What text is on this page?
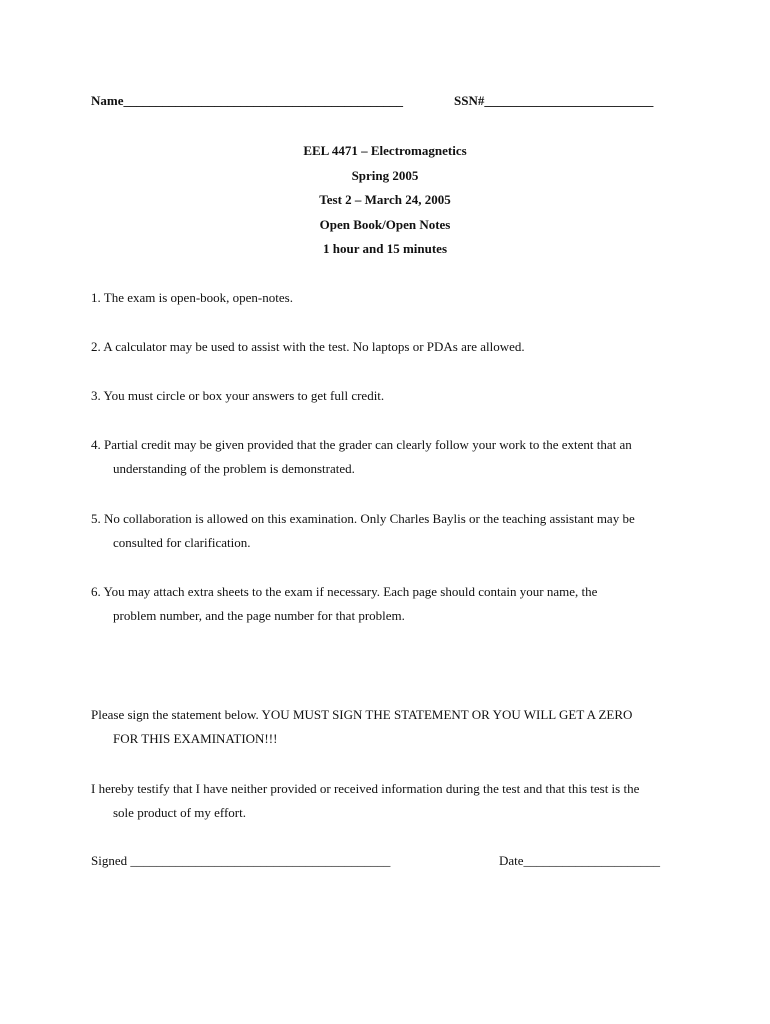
Name___________________________________________	SSN#__________________________
EEL 4471 – Electromagnetics
Spring 2005
Test 2 – March 24, 2005
Open Book/Open Notes
1 hour and 15 minutes
1. The exam is open-book, open-notes.
2. A calculator may be used to assist with the test. No laptops or PDAs are allowed.
3. You must circle or box your answers to get full credit.
4. Partial credit may be given provided that the grader can clearly follow your work to the extent that an
understanding of the problem is demonstrated.
5. No collaboration is allowed on this examination. Only Charles Baylis or the teaching assistant may be
consulted for clarification.
6. You may attach extra sheets to the exam if necessary. Each page should contain your name, the
problem number, and the page number for that problem.
Please sign the statement below. YOU MUST SIGN THE STATEMENT OR YOU WILL GET A ZERO
FOR THIS EXAMINATION!!!
I hereby testify that I have neither provided or received information during the test and that this test is the
sole product of my effort.
Signed ________________________________________	Date_____________________
